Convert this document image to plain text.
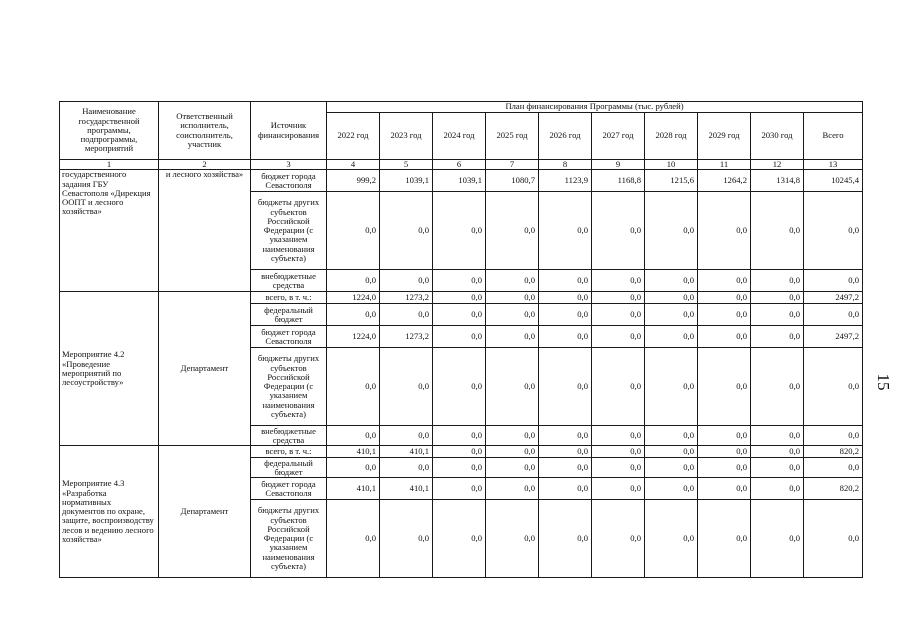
Наименование государственной программы, подпрограммы, мероприятий	Ответственный исполнитель, соисполнитель, участник	Источник финансирования	План финансирования Программы (тыс. рублей)									
			2022 год	2023 год	2024 год	2025 год	2026 год	2027 год	2028 год	2029 год	2030 год	Всего
1	2	3	4	5	6	7	8	9	10	11	12	13
государственного задания ГБУ Севастополя «Дирекция ООПТ и лесного хозяйства»	и лесного хозяйства»	бюджет города Севастополя	999,2	1039,1	1039,1	1080,7	1123,9	1168,8	1215,6	1264,2	1314,8	10245,4
		бюджеты других субъектов Российской Федерации (с указанием наименования субъекта)	0,0	0,0	0,0	0,0	0,0	0,0	0,0	0,0	0,0	0,0
		внебюджетные средства	0,0	0,0	0,0	0,0	0,0	0,0	0,0	0,0	0,0	0,0
Мероприятие 4.2 «Проведение мероприятий по лесоустройству»	Департамент	всего, в т. ч.:	1224,0	1273,2	0,0	0,0	0,0	0,0	0,0	0,0	0,0	2497,2
		федеральный бюджет	0,0	0,0	0,0	0,0	0,0	0,0	0,0	0,0	0,0	0,0
		бюджет города Севастополя	1224,0	1273,2	0,0	0,0	0,0	0,0	0,0	0,0	0,0	2497,2
		бюджеты других субъектов Российской Федерации (с указанием наименования субъекта)	0,0	0,0	0,0	0,0	0,0	0,0	0,0	0,0	0,0	0,0
		внебюджетные средства	0,0	0,0	0,0	0,0	0,0	0,0	0,0	0,0	0,0	0,0
Мероприятие 4.3 «Разработка нормативных документов по охране, защите, воспроизводству лесов и ведению лесного хозяйства»	Департамент	всего, в т. ч.:	410,1	410,1	0,0	0,0	0,0	0,0	0,0	0,0	0,0	820,2
		федеральный бюджет	0,0	0,0	0,0	0,0	0,0	0,0	0,0	0,0	0,0	0,0
		бюджет города Севастополя	410,1	410,1	0,0	0,0	0,0	0,0	0,0	0,0	0,0	820,2
		бюджеты других субъектов Российской Федерации (с указанием наименования субъекта)	0,0	0,0	0,0	0,0	0,0	0,0	0,0	0,0	0,0	0,0
15
